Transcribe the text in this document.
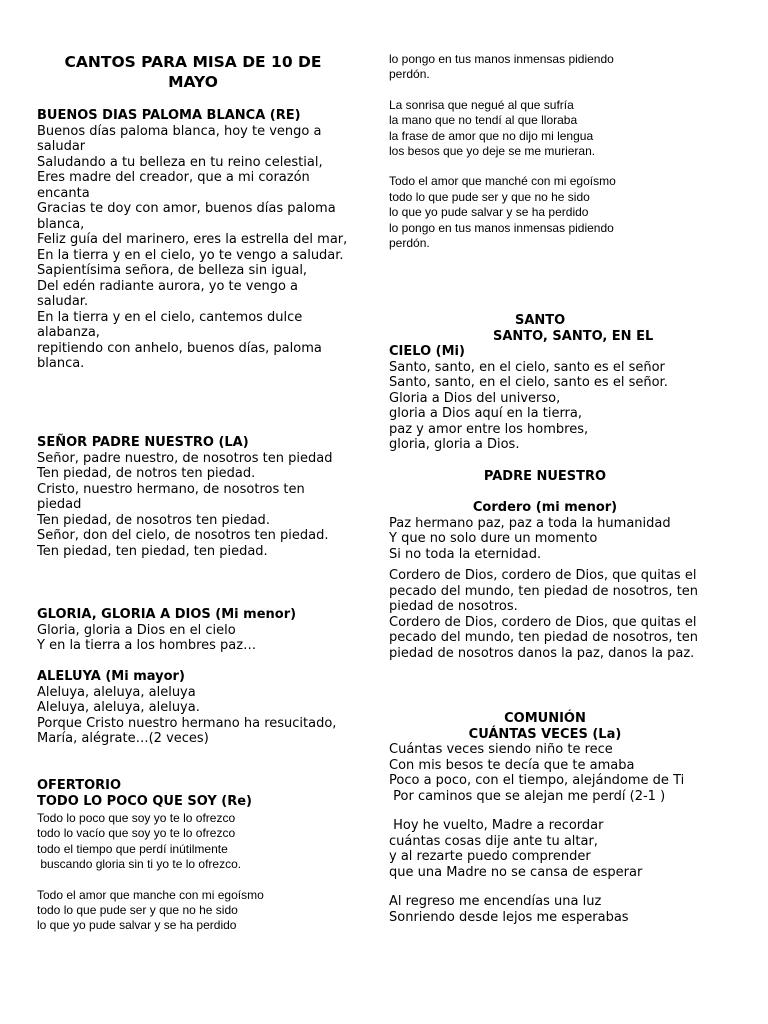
CANTOS PARA MISA DE 10 DE MAYO
BUENOS DIAS PALOMA BLANCA (RE)
Buenos días paloma blanca, hoy te vengo a saludar
Saludando a tu belleza en tu reino celestial,
Eres madre del creador, que a mi corazón encanta
Gracias te doy con amor, buenos días paloma blanca,
Feliz guía del marinero, eres la estrella del mar,
En la tierra y en el cielo, yo te vengo a saludar.
Sapientísima señora, de belleza sin igual,
Del edén radiante aurora, yo te vengo a saludar.
En la tierra y en el cielo, cantemos dulce alabanza,
repitiendo con anhelo, buenos días, paloma blanca.
SEÑOR PADRE NUESTRO (LA)
Señor, padre nuestro, de nosotros ten piedad
Ten piedad, de notros ten piedad.
Cristo, nuestro hermano, de nosotros ten piedad
Ten piedad, de nosotros ten piedad.
Señor, don del cielo, de nosotros ten piedad.
Ten piedad, ten piedad, ten piedad.
GLORIA, GLORIA A DIOS (Mi menor)
Gloria, gloria a Dios en el cielo
Y en la tierra a los hombres paz…
ALELUYA (Mi mayor)
Aleluya, aleluya, aleluya
Aleluya, aleluya, aleluya.
Porque Cristo nuestro hermano ha resucitado,
María, alégrate…(2 veces)
OFERTORIO
TODO LO POCO QUE SOY (Re)
Todo lo poco que soy yo te lo ofrezco
todo lo vacío que soy yo te lo ofrezco
todo el tiempo que perdí inútilmente
buscando gloria sin ti yo te lo ofrezco.
Todo el amor que manche con mi egoísmo
todo lo que pude ser y que no he sido
lo que yo pude salvar y se ha perdido
lo pongo en tus manos inmensas pidiendo
perdón.
La sonrisa que negué al que sufría
la mano que no tendí al que lloraba
la frase de amor que no dijo mi lengua
los besos que yo deje se me murieran.
Todo el amor que manché con mi egoísmo
todo lo que pude ser y que no he sido
lo que yo pude salvar y se ha perdido
lo pongo en tus manos inmensas pidiendo
perdón.
SANTO
SANTO, SANTO, EN EL
CIELO (Mi)
Santo, santo, en el cielo, santo es el señor
Santo, santo, en el cielo, santo es el señor.
Gloria a Dios del universo,
gloria a Dios aquí en la tierra,
paz y amor entre los hombres,
gloria, gloria a Dios.
PADRE NUESTRO
Cordero (mi menor)
Paz hermano paz, paz a toda la humanidad
Y que no solo dure un momento
Si no toda la eternidad.
Cordero de Dios, cordero de Dios, que quitas el pecado del mundo, ten piedad de nosotros, ten piedad de nosotros.
Cordero de Dios, cordero de Dios, que quitas el pecado del mundo, ten piedad de nosotros, ten piedad de nosotros danos la paz, danos la paz.
COMUNIÓN
CUÁNTAS VECES (La)
Cuántas veces siendo niño te rece
Con mis besos te decía que te amaba
Poco a poco, con el tiempo, alejándome de Ti
Por caminos que se alejan me perdí (2-1 )
Hoy he vuelto, Madre a recordar
cuántas cosas dije ante tu altar,
y al rezarte puedo comprender
que una Madre no se cansa de esperar
Al regreso me encendías una luz
Sonriendo desde lejos me esperabas
